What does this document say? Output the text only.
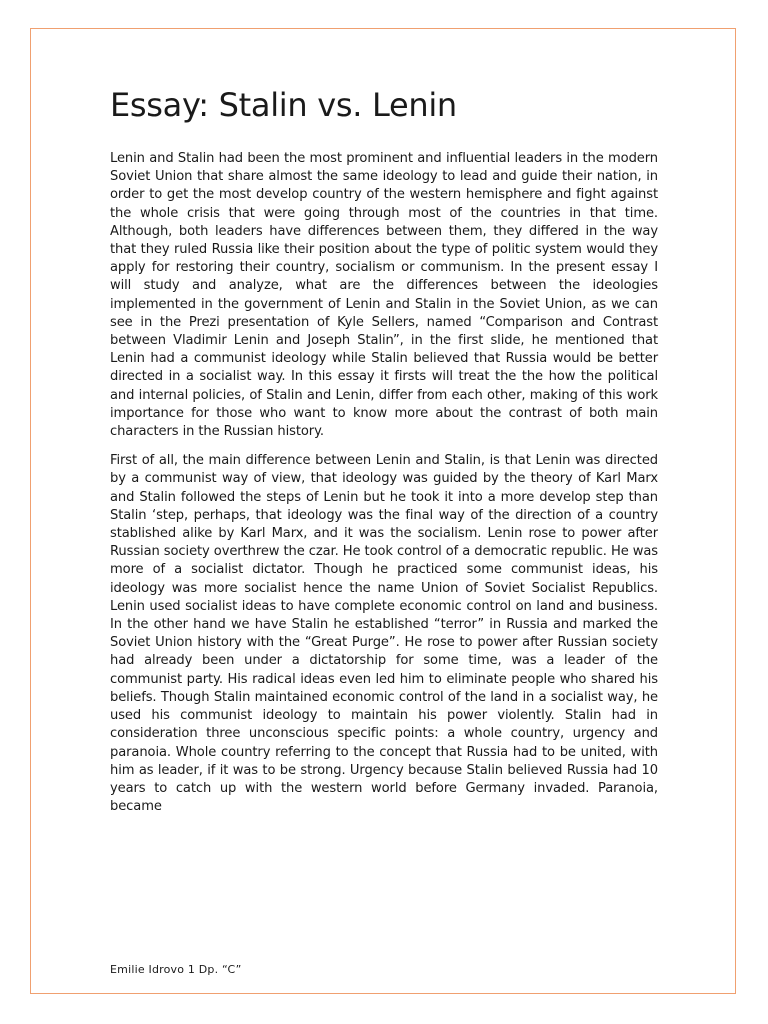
Essay: Stalin vs. Lenin

Lenin and Stalin had been the most prominent and influential leaders in the modern Soviet Union that share almost the same ideology to lead and guide their nation, in order to get the most develop country of the western hemisphere and fight against the whole crisis that were going through most of the countries in that time. Although, both leaders have differences between them, they differed in the way that they ruled Russia like their position about the type of politic system would they apply for restoring their country, socialism or communism. In the present essay I will study and analyze, what are the differences between the ideologies implemented in the government of Lenin and Stalin in the Soviet Union, as we can see in the Prezi presentation of Kyle Sellers, named “Comparison and Contrast between Vladimir Lenin and Joseph Stalin”, in the first slide, he mentioned that Lenin had a communist ideology while Stalin believed that Russia would be better directed in a socialist way. In this essay it firsts will treat the the how the political and internal policies, of Stalin and Lenin, differ from each other, making of this work importance for those who want to know more about the contrast of both main characters in the Russian history.

First of all, the main difference between Lenin and Stalin, is that Lenin was directed by a communist way of view, that ideology was guided by the theory of Karl Marx and Stalin followed the steps of Lenin but he took it into a more develop step than Stalin ‘step, perhaps, that ideology was the final way of the direction of a country stablished alike by Karl Marx, and it was the socialism. Lenin rose to power after Russian society overthrew the czar. He took control of a democratic republic. He was more of a socialist dictator. Though he practiced some communist ideas, his ideology was more socialist hence the name Union of Soviet Socialist Republics. Lenin used socialist ideas to have complete economic control on land and business. In the other hand we have Stalin he established “terror” in Russia and marked the Soviet Union history with the “Great Purge”. He rose to power after Russian society had already been under a dictatorship for some time, was a leader of the communist party. His radical ideas even led him to eliminate people who shared his beliefs. Though Stalin maintained economic control of the land in a socialist way, he used his communist ideology to maintain his power violently. Stalin had in consideration three unconscious specific points: a whole country, urgency and paranoia. Whole country referring to the concept that Russia had to be united, with him as leader, if it was to be strong. Urgency because Stalin believed Russia had 10 years to catch up with the western world before Germany invaded. Paranoia, became

Emilie Idrovo 1 Dp. “C”
